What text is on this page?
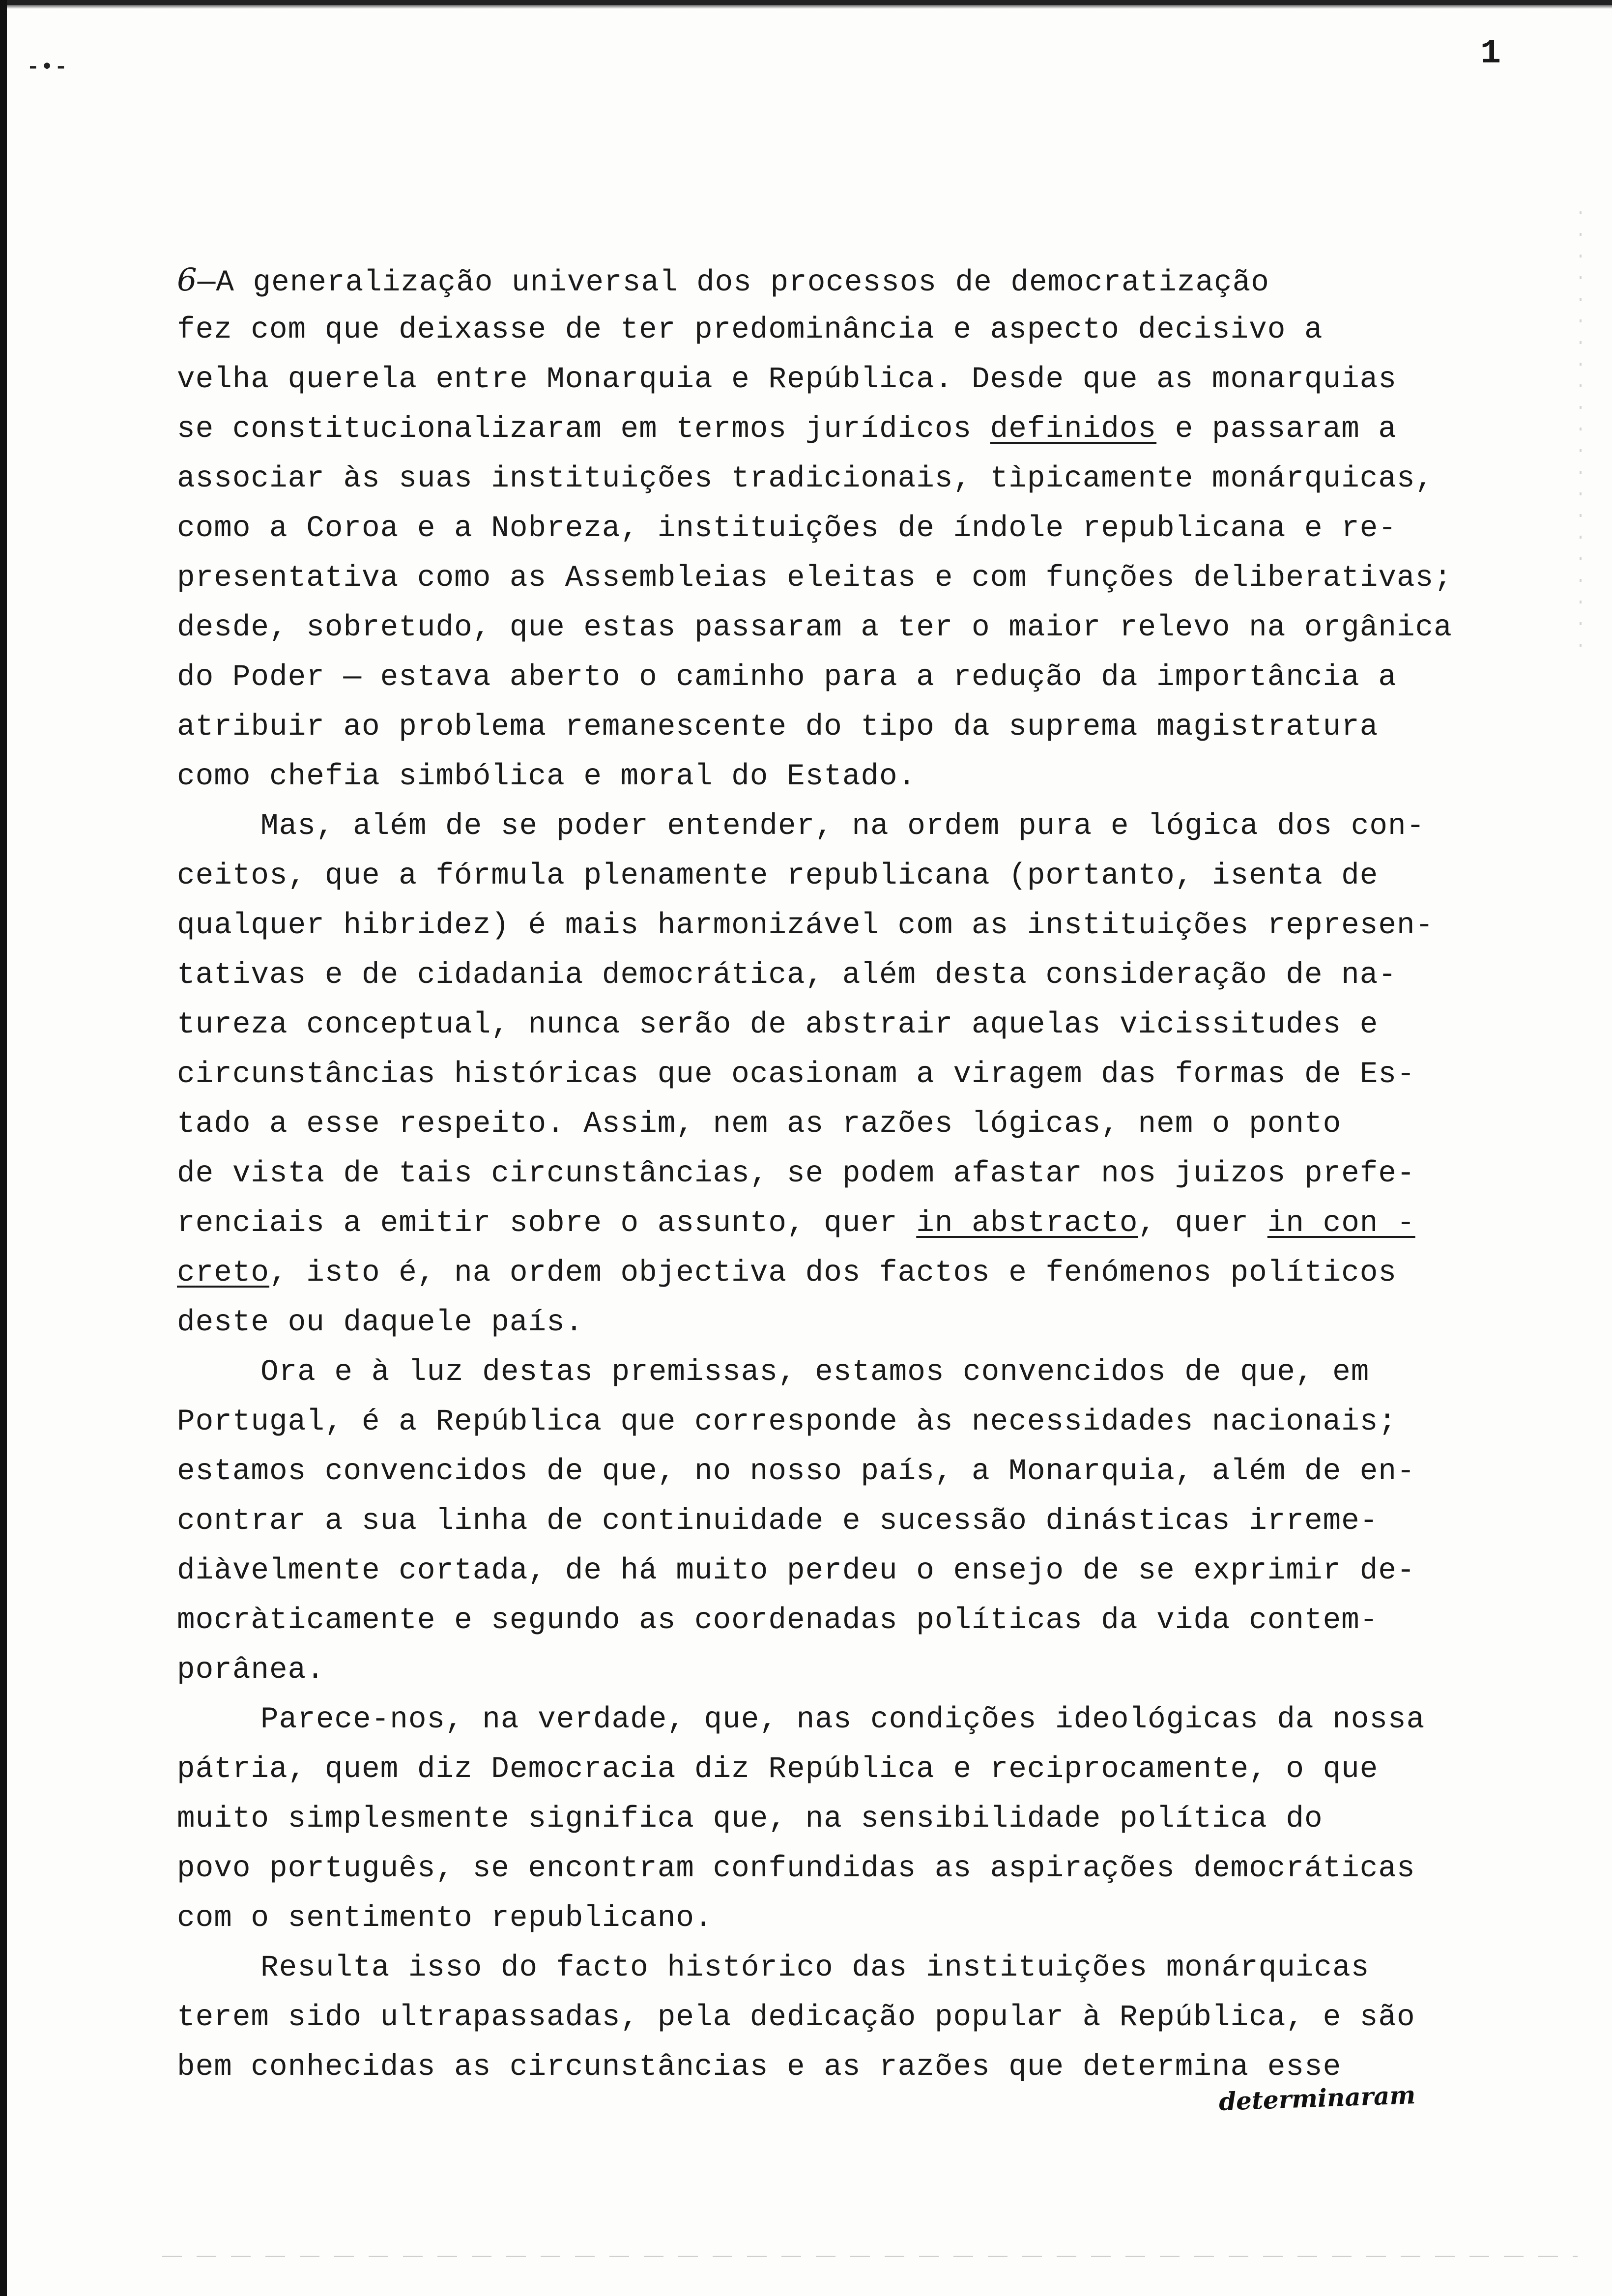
-•-	1
6—A generalização universal dos processos de democratização
fez com que deixasse de ter predominância e aspecto decisivo a
velha querela entre Monarquia e República. Desde que as monarquias
se constitucionalizaram em termos jurídicos definidos e passaram a
associar às suas instituições tradicionais, tìpicamente monárquicas,
como a Coroa e a Nobreza, instituições de índole republicana e re-
presentativa como as Assembleias eleitas e com funções deliberativas;
desde, sobretudo, que estas passaram a ter o maior relevo na orgânica
do Poder — estava aberto o caminho para a redução da importância a
atribuir ao problema remanescente do tipo da suprema magistratura
como chefia simbólica e moral do Estado.
Mas, além de se poder entender, na ordem pura e lógica dos con-
ceitos, que a fórmula plenamente republicana (portanto, isenta de
qualquer hibridez) é mais harmonizável com as instituições represen-
tativas e de cidadania democrática, além desta consideração de na-
tureza conceptual, nunca serão de abstrair aquelas vicissitudes e
circunstâncias históricas que ocasionam a viragem das formas de Es-
tado a esse respeito. Assim, nem as razões lógicas, nem o ponto
de vista de tais circunstâncias, se podem afastar nos juizos prefe-
renciais a emitir sobre o assunto, quer in abstracto, quer in con -
creto, isto é, na ordem objectiva dos factos e fenómenos políticos
deste ou daquele país.
Ora e à luz destas premissas, estamos convencidos de que, em
Portugal, é a República que corresponde às necessidades nacionais;
estamos convencidos de que, no nosso país, a Monarquia, além de en-
contrar a sua linha de continuidade e sucessão dinásticas irreme-
diàvelmente cortada, de há muito perdeu o ensejo de se exprimir de-
mocràticamente e segundo as coordenadas políticas da vida contem-
porânea.
Parece-nos, na verdade, que, nas condições ideológicas da nossa
pátria, quem diz Democracia diz República e reciprocamente, o que
muito simplesmente significa que, na sensibilidade política do
povo português, se encontram confundidas as aspirações democráticas
com o sentimento republicano.
Resulta isso do facto histórico das instituições monárquicas
terem sido ultrapassadas, pela dedicação popular à República, e são
bem conhecidas as circunstâncias e as razões que determina esse
determinaram
